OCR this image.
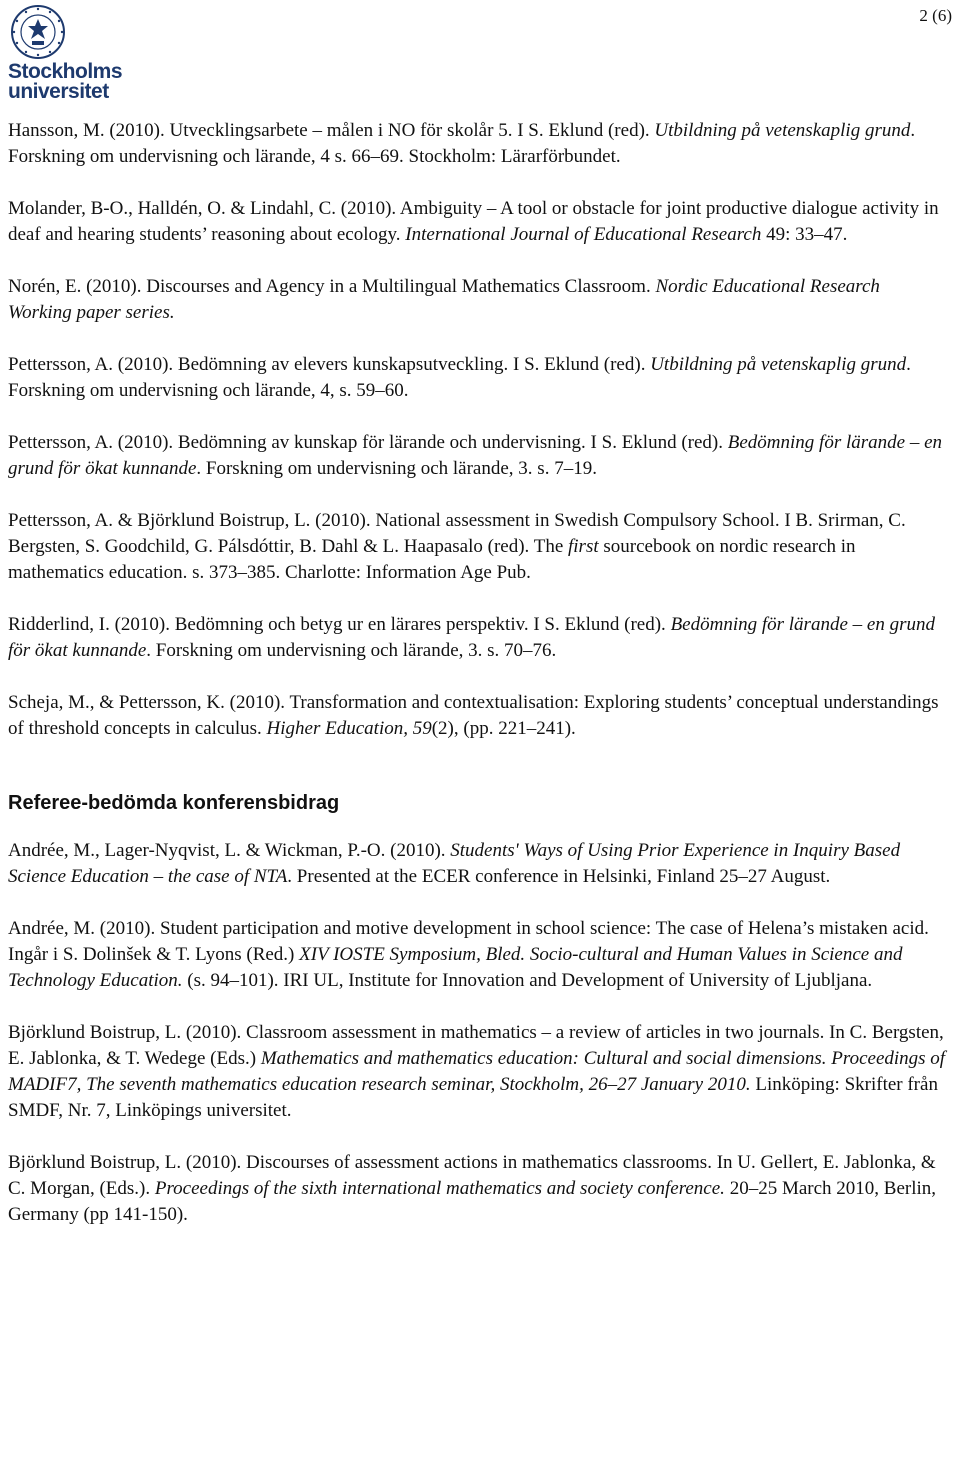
2 (6)
Stockholms
universitet

Hansson, M. (2010). Utvecklingsarbete – målen i NO för skolår 5. I S. Eklund (red). Utbildning på vetenskaplig grund. Forskning om undervisning och lärande, 4 s. 66–69. Stockholm: Lärarförbundet.

Molander, B-O., Halldén, O. & Lindahl, C. (2010). Ambiguity – A tool or obstacle for joint productive dialogue activity in deaf and hearing students’ reasoning about ecology. International Journal of Educational Research 49: 33–47.

Norén, E. (2010). Discourses and Agency in a Multilingual Mathematics Classroom. Nordic Educational Research Working paper series.

Pettersson, A. (2010). Bedömning av elevers kunskapsutveckling. I S. Eklund (red). Utbildning på vetenskaplig grund. Forskning om undervisning och lärande, 4, s. 59–60.

Pettersson, A. (2010). Bedömning av kunskap för lärande och undervisning. I S. Eklund (red). Bedömning för lärande – en grund för ökat kunnande. Forskning om undervisning och lärande, 3. s. 7–19.

Pettersson, A. & Björklund Boistrup, L. (2010). National assessment in Swedish Compulsory School. I B. Srirman, C. Bergsten, S. Goodchild, G. Pálsdóttir, B. Dahl & L. Haapasalo (red). The first sourcebook on nordic research in mathematics education. s. 373–385. Charlotte: Information Age Pub.

Ridderlind, I. (2010). Bedömning och betyg ur en lärares perspektiv. I S. Eklund (red). Bedömning för lärande – en grund för ökat kunnande. Forskning om undervisning och lärande, 3. s. 70–76.

Scheja, M., & Pettersson, K. (2010). Transformation and contextualisation: Exploring students’ conceptual understandings of threshold concepts in calculus. Higher Education, 59(2), (pp. 221–241).

Referee-bedömda konferensbidrag

Andrée, M., Lager-Nyqvist, L. & Wickman, P.-O. (2010). Students' Ways of Using Prior Experience in Inquiry Based Science Education – the case of NTA. Presented at the ECER conference in Helsinki, Finland 25–27 August.

Andrée, M. (2010). Student participation and motive development in school science: The case of Helena’s mistaken acid. Ingår i S. Dolinšek & T. Lyons (Red.) XIV IOSTE Symposium, Bled. Socio-cultural and Human Values in Science and Technology Education. (s. 94–101). IRI UL, Institute for Innovation and Development of University of Ljubljana.

Björklund Boistrup, L. (2010). Classroom assessment in mathematics – a review of articles in two journals. In C. Bergsten, E. Jablonka, & T. Wedege (Eds.) Mathematics and mathematics education: Cultural and social dimensions. Proceedings of MADIF7, The seventh mathematics education research seminar, Stockholm, 26–27 January 2010. Linköping: Skrifter från SMDF, Nr. 7, Linköpings universitet.

Björklund Boistrup, L. (2010). Discourses of assessment actions in mathematics classrooms. In U. Gellert, E. Jablonka, & C. Morgan, (Eds.). Proceedings of the sixth international mathematics and society conference. 20–25 March 2010, Berlin, Germany (pp 141-150).
